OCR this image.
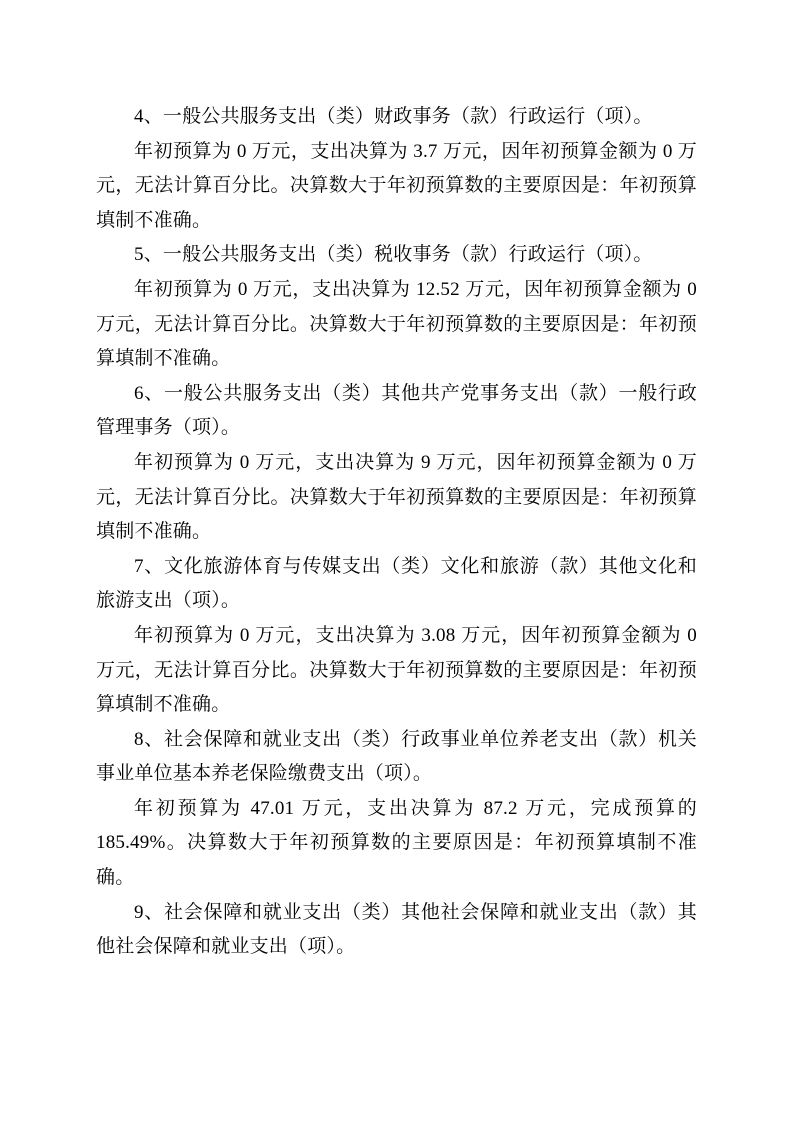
4、一般公共服务支出（类）财政事务（款）行政运行（项）。

年初预算为 0 万元，支出决算为 3.7 万元，因年初预算金额为 0 万元，无法计算百分比。决算数大于年初预算数的主要原因是：年初预算填制不准确。

5、一般公共服务支出（类）税收事务（款）行政运行（项）。

年初预算为 0 万元，支出决算为 12.52 万元，因年初预算金额为 0 万元，无法计算百分比。决算数大于年初预算数的主要原因是：年初预算填制不准确。

6、一般公共服务支出（类）其他共产党事务支出（款）一般行政管理事务（项）。

年初预算为 0 万元，支出决算为 9 万元，因年初预算金额为 0 万元，无法计算百分比。决算数大于年初预算数的主要原因是：年初预算填制不准确。

7、文化旅游体育与传媒支出（类）文化和旅游（款）其他文化和旅游支出（项）。

年初预算为 0 万元，支出决算为 3.08 万元，因年初预算金额为 0 万元，无法计算百分比。决算数大于年初预算数的主要原因是：年初预算填制不准确。

8、社会保障和就业支出（类）行政事业单位养老支出（款）机关事业单位基本养老保险缴费支出（项）。

年初预算为 47.01 万元，支出决算为 87.2 万元，完成预算的 185.49%。决算数大于年初预算数的主要原因是：年初预算填制不准确。

9、社会保障和就业支出（类）其他社会保障和就业支出（款）其他社会保障和就业支出（项）。
